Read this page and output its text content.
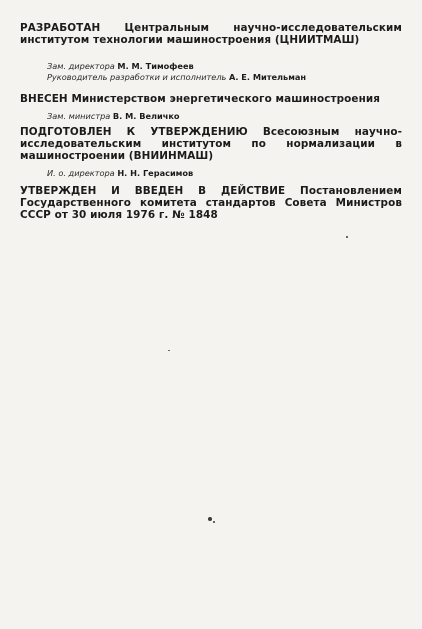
РАЗРАБОТАН Центральным научно-исследовательским институтом технологии машиностроения (ЦНИИТМАШ)
Зам. директора М. М. Тимофеев
Руководитель разработки и исполнитель А. Е. Мительман
ВНЕСЕН Министерством энергетического машиностроения
Зам. министра В. М. Величко
ПОДГОТОВЛЕН К УТВЕРЖДЕНИЮ Всесоюзным научно-исследовательским институтом по нормализации в машиностроении (ВНИИНМАШ)
И. о. директора Н. Н. Герасимов
УТВЕРЖДЕН И ВВЕДЕН В ДЕЙСТВИЕ Постановлением Государственного комитета стандартов Совета Министров СССР от 30 июля 1976 г. № 1848
